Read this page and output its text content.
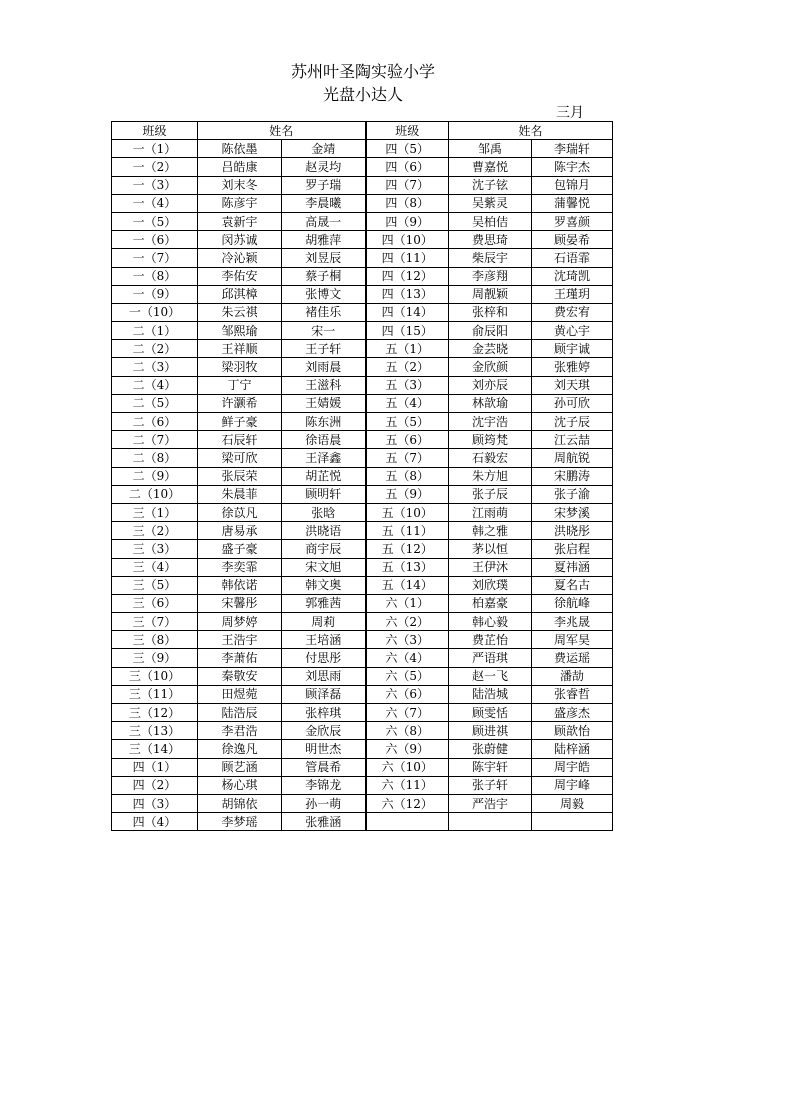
苏州叶圣陶实验小学
光盘小达人
三月
班级	姓名		班级	姓名	
一（1）	陈依墨	金靖	四（5）	邹禹	李瑞轩
一（2）	吕皓康	赵灵均	四（6）	曹嘉悦	陈宇杰
一（3）	刘末冬	罗子瑞	四（7）	沈子铉	包锦月
一（4）	陈彦宇	李晨曦	四（8）	吴紫灵	蒲馨悦
一（5）	袁新宇	高晟一	四（9）	吴柏佶	罗喜颜
一（6）	闵苏诚	胡雅萍	四（10）	费思琦	顾晏希
一（7）	冷沁颖	刘昱辰	四（11）	柴辰宇	石语霏
一（8）	李佑安	蔡子桐	四（12）	李彦翔	沈琦凯
一（9）	邱淇樟	张博文	四（13）	周靓颖	王瑾玥
一（10）	朱云祺	褚佳乐	四（14）	张梓和	费宏宥
二（1）	邹熙瑜	宋一	四（15）	俞辰阳	黄心宇
二（2）	王祥顺	王子轩	五（1）	金芸晓	顾宇诚
二（3）	梁羽牧	刘雨晨	五（2）	金欣颜	张雅婷
二（4）	丁宁	王滋科	五（3）	刘亦辰	刘天琪
二（5）	许灏希	王婧媛	五（4）	林歆瑜	孙可欣
二（6）	鲜子豪	陈东洲	五（5）	沈宇浩	沈子辰
二（7）	石辰轩	徐语晨	五（6）	顾筠梵	江云喆
二（8）	梁可欣	王泽鑫	五（7）	石毅宏	周航锐
二（9）	张辰荣	胡芷悦	五（8）	朱方旭	宋鹏涛
二（10）	朱晨菲	顾明轩	五（9）	张子辰	张子渝
三（1）	徐苡凡	张晗	五（10）	江雨萌	宋梦溪
三（2）	唐易承	洪晓语	五（11）	韩之雅	洪晓彤
三（3）	盛子豪	商宇辰	五（12）	茅以恒	张启程
三（4）	李奕霏	宋文旭	五（13）	王伊沐	夏祎涵
三（5）	韩依诺	韩文奥	五（14）	刘欣璞	夏名古
三（6）	宋馨彤	郭雅茜	六（1）	柏嘉豪	徐航峰
三（7）	周梦婷	周莉	六（2）	韩心毅	李兆晟
三（8）	王浩宇	王培涵	六（3）	费芷怡	周军昊
三（9）	李萧佑	付思彤	六（4）	严语琪	费运瑶
三（10）	秦敬安	刘思雨	六（5）	赵一飞	潘劼
三（11）	田煜菀	顾泽磊	六（6）	陆浩城	张睿哲
三（12）	陆浩辰	张梓琪	六（7）	顾雯恬	盛彦杰
三（13）	李君浩	金欣辰	六（8）	顾进祺	顾歆怡
三（14）	徐逸凡	明世杰	六（9）	张蔚健	陆梓涵
四（1）	顾艺涵	管晨希	六（10）	陈宇轩	周宇皓
四（2）	杨心琪	李锦龙	六（11）	张子轩	周宇峰
四（3）	胡锦依	孙一萌	六（12）	严浩宇	周毅
四（4）	李梦瑶	张雅涵			
